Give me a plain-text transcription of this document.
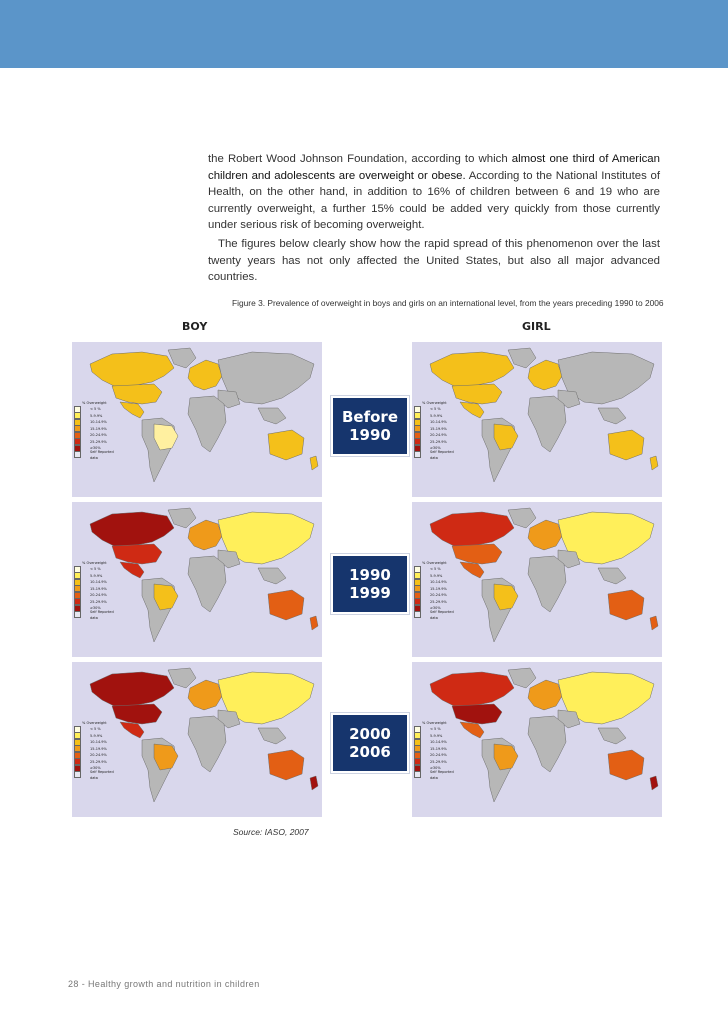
the Robert Wood Johnson Foundation, according to which almost one third of American children and adolescents are overweight or obese. According to the National Institutes of Health, on the other hand, in addition to 16% of children between 6 and 19 who are currently overweight, a further 15% could be added very quickly from those currently under serious risk of becoming overweight.
The figures below clearly show how the rapid spread of this phenomenon over the last twenty years has not only affected the United States, but also all major advanced countries.
Figure 3. Prevalence of overweight in boys and girls on an international level, from the years preceding 1990 to 2006
BOY	GIRL
% Overweight
< 5 %
5-9.9%
10-14.9%
15-19.9%
20-24.9%
25-29.9%
≥30%
Self Reported data
% Overweight
< 5 %
5-9.9%
10-14.9%
15-19.9%
20-24.9%
25-29.9%
≥30%
Self Reported data
% Overweight
< 5 %
5-9.9%
10-14.9%
15-19.9%
20-24.9%
25-29.9%
≥30%
Self Reported data
% Overweight
< 5 %
5-9.9%
10-14.9%
15-19.9%
20-24.9%
25-29.9%
≥30%
Self Reported data
% Overweight
< 5 %
5-9.9%
10-14.9%
15-19.9%
20-24.9%
25-29.9%
≥30%
Self Reported data
% Overweight
< 5 %
5-9.9%
10-14.9%
15-19.9%
20-24.9%
25-29.9%
≥30%
Self Reported data
Before
1990
1990
1999
2000
2006
Source: IASO, 2007
28 - Healthy growth and nutrition in children
